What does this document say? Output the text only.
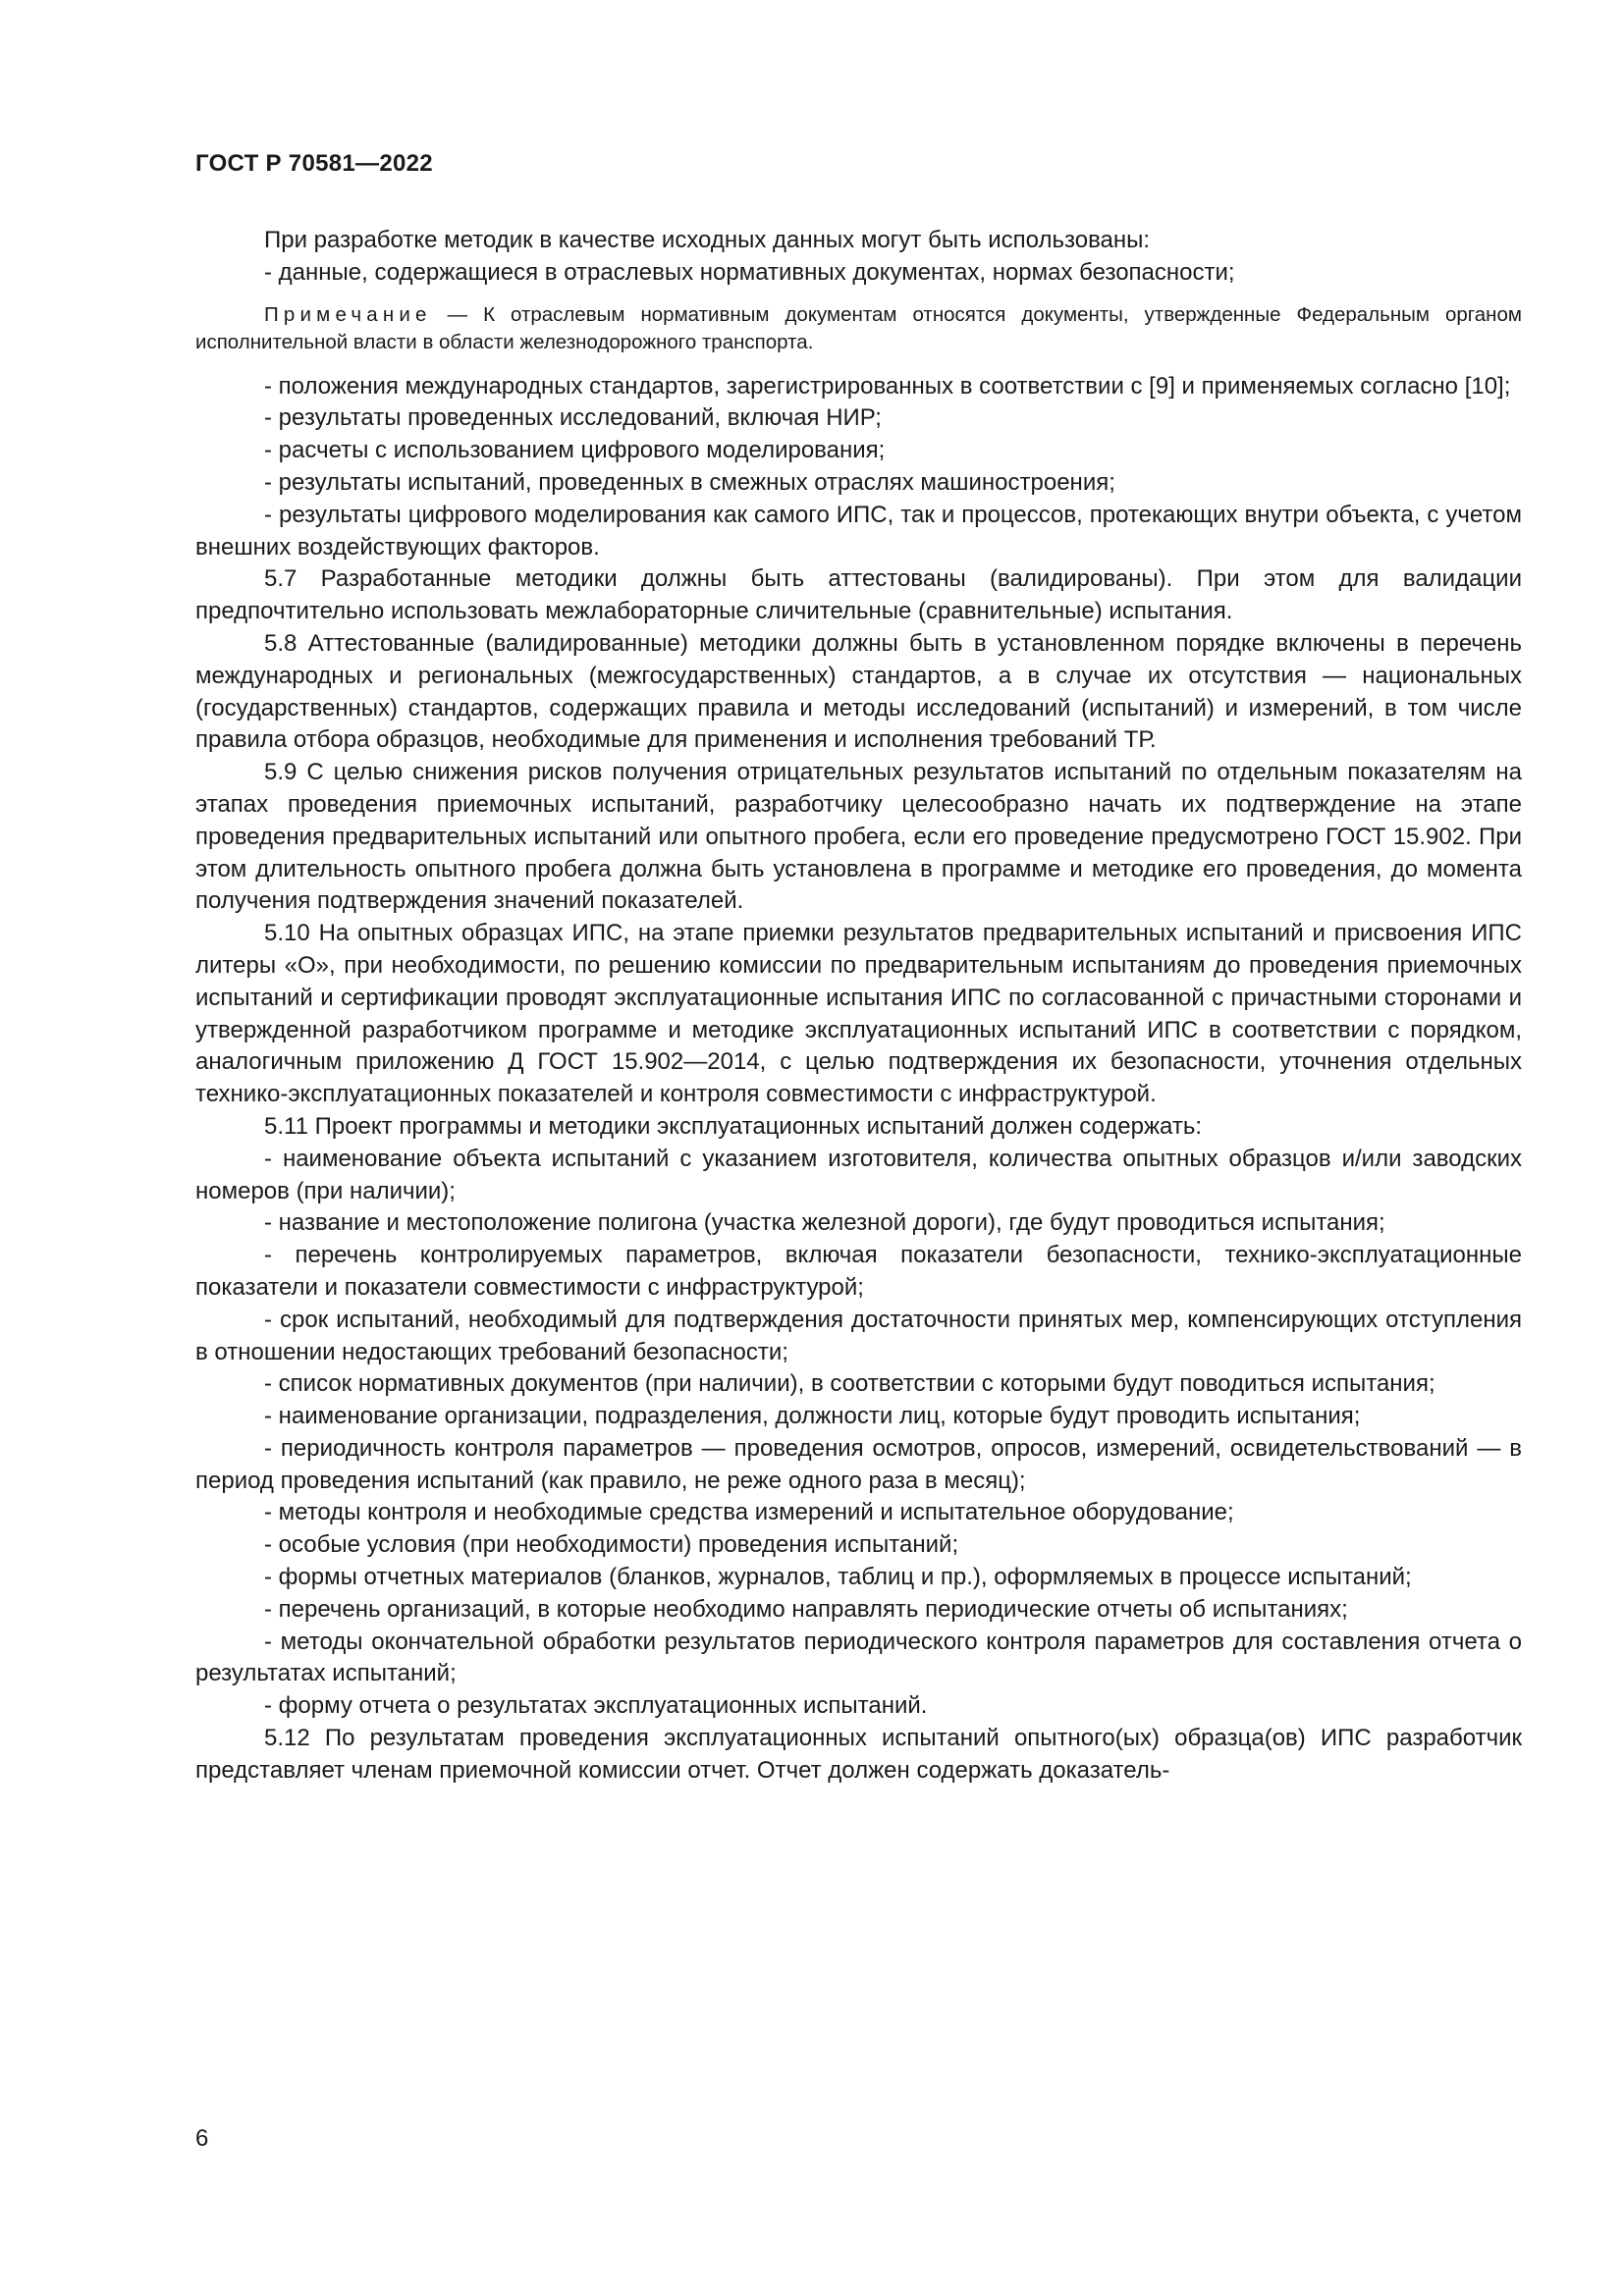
ГОСТ Р 70581—2022

При разработке методик в качестве исходных данных могут быть использованы:

- данные, содержащиеся в отраслевых нормативных документах, нормах безопасности;

Примечание — К отраслевым нормативным документам относятся документы, утвержденные Федеральным органом исполнительной власти в области железнодорожного транспорта.

- положения международных стандартов, зарегистрированных в соответствии с [9] и применяемых согласно [10];

- результаты проведенных исследований, включая НИР;

- расчеты с использованием цифрового моделирования;

- результаты испытаний, проведенных в смежных отраслях машиностроения;

- результаты цифрового моделирования как самого ИПС, так и процессов, протекающих внутри объекта, с учетом внешних воздействующих факторов.

5.7 Разработанные методики должны быть аттестованы (валидированы). При этом для валидации предпочтительно использовать межлабораторные сличительные (сравнительные) испытания.

5.8 Аттестованные (валидированные) методики должны быть в установленном порядке включены в перечень международных и региональных (межгосударственных) стандартов, а в случае их отсутствия — национальных (государственных) стандартов, содержащих правила и методы исследований (испытаний) и измерений, в том числе правила отбора образцов, необходимые для применения и исполнения требований ТР.

5.9 С целью снижения рисков получения отрицательных результатов испытаний по отдельным показателям на этапах проведения приемочных испытаний, разработчику целесообразно начать их подтверждение на этапе проведения предварительных испытаний или опытного пробега, если его проведение предусмотрено ГОСТ 15.902. При этом длительность опытного пробега должна быть установлена в программе и методике его проведения, до момента получения подтверждения значений показателей.

5.10 На опытных образцах ИПС, на этапе приемки результатов предварительных испытаний и присвоения ИПС литеры «О», при необходимости, по решению комиссии по предварительным испытаниям до проведения приемочных испытаний и сертификации проводят эксплуатационные испытания ИПС по согласованной с причастными сторонами и утвержденной разработчиком программе и методике эксплуатационных испытаний ИПС в соответствии с порядком, аналогичным приложению Д ГОСТ 15.902—2014, с целью подтверждения их безопасности, уточнения отдельных технико-эксплуатационных показателей и контроля совместимости с инфраструктурой.

5.11 Проект программы и методики эксплуатационных испытаний должен содержать:

- наименование объекта испытаний с указанием изготовителя, количества опытных образцов и/или заводских номеров (при наличии);

- название и местоположение полигона (участка железной дороги), где будут проводиться испытания;

- перечень контролируемых параметров, включая показатели безопасности, технико-эксплуатационные показатели и показатели совместимости с инфраструктурой;

- срок испытаний, необходимый для подтверждения достаточности принятых мер, компенсирующих отступления в отношении недостающих требований безопасности;

- список нормативных документов (при наличии), в соответствии с которыми будут поводиться испытания;

- наименование организации, подразделения, должности лиц, которые будут проводить испытания;

- периодичность контроля параметров — проведения осмотров, опросов, измерений, освидетельствований — в период проведения испытаний (как правило, не реже одного раза в месяц);

- методы контроля и необходимые средства измерений и испытательное оборудование;

- особые условия (при необходимости) проведения испытаний;

- формы отчетных материалов (бланков, журналов, таблиц и пр.), оформляемых в процессе испытаний;

- перечень организаций, в которые необходимо направлять периодические отчеты об испытаниях;

- методы окончательной обработки результатов периодического контроля параметров для составления отчета о результатах испытаний;

- форму отчета о результатах эксплуатационных испытаний.

5.12 По результатам проведения эксплуатационных испытаний опытного(ых) образца(ов) ИПС разработчик представляет членам приемочной комиссии отчет. Отчет должен содержать доказатель-

6
